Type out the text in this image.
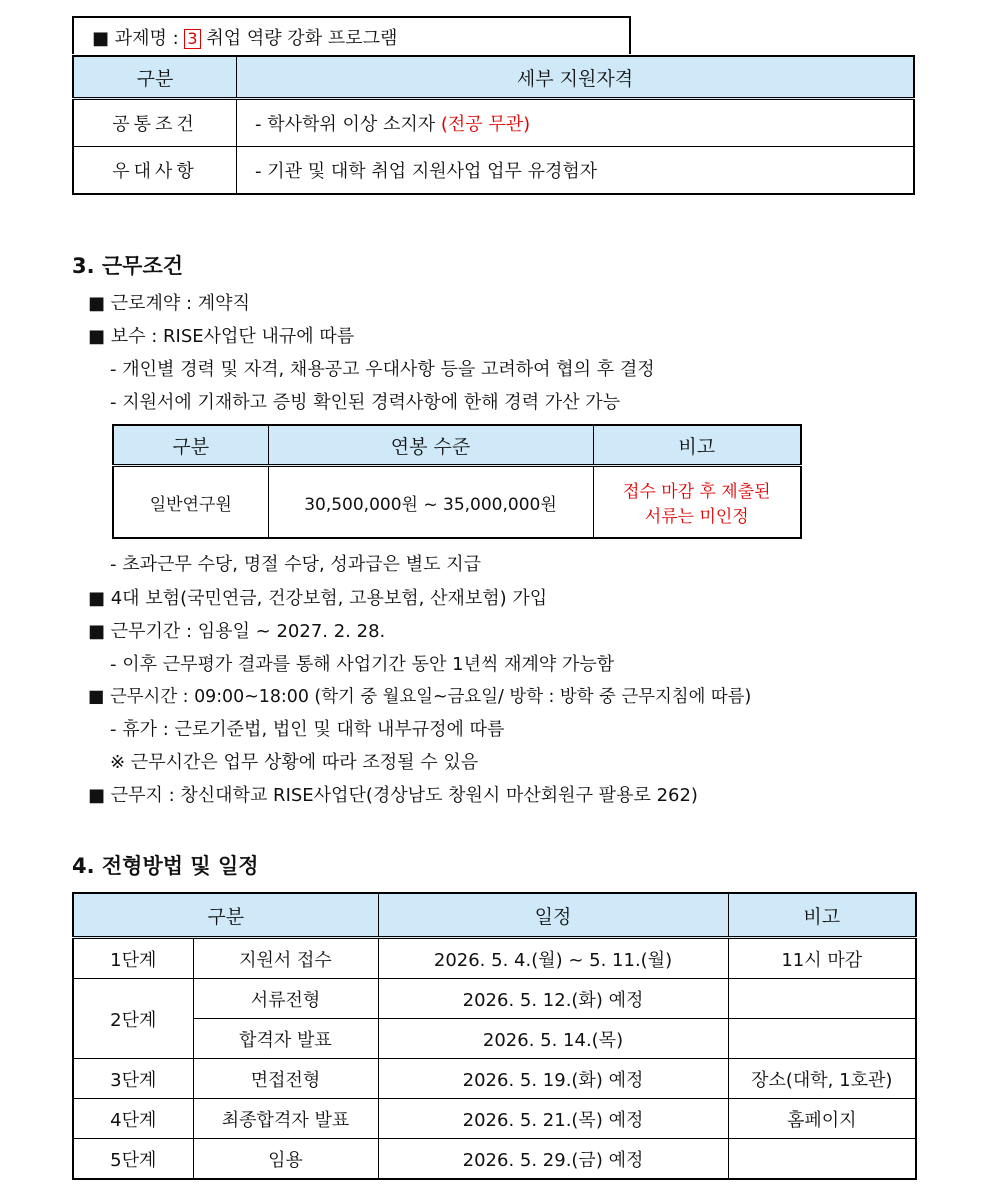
■ 과제명 : 3 취업 역량 강화 프로그램
구분	세부 지원자격
공통조건	- 학사학위 이상 소지자 (전공 무관)
우대사항	- 기관 및 대학 취업 지원사업 업무 유경험자
3. 근무조건
■ 근로계약 : 계약직
■ 보수 : RISE사업단 내규에 따름
- 개인별 경력 및 자격, 채용공고 우대사항 등을 고려하여 협의 후 결정
- 지원서에 기재하고 증빙 확인된 경력사항에 한해 경력 가산 가능
구분	연봉 수준	비고
일반연구원	30,500,000원 ~ 35,000,000원	접수 마감 후 제출된
서류는 미인정
- 초과근무 수당, 명절 수당, 성과급은 별도 지급
■ 4대 보험(국민연금, 건강보험, 고용보험, 산재보험) 가입
■ 근무기간 : 임용일 ~ 2027. 2. 28.
- 이후 근무평가 결과를 통해 사업기간 동안 1년씩 재계약 가능함
■ 근무시간 : 09:00~18:00 (학기 중 월요일~금요일/ 방학 : 방학 중 근무지침에 따름)
- 휴가 : 근로기준법, 법인 및 대학 내부규정에 따름
※ 근무시간은 업무 상황에 따라 조정될 수 있음
■ 근무지 : 창신대학교 RISE사업단(경상남도 창원시 마산회원구 팔용로 262)
4. 전형방법 및 일정
구분		일정	비고
1단계	지원서 접수	2026. 5. 4.(월) ~ 5. 11.(월)	11시 마감
2단계	서류전형	2026. 5. 12.(화) 예정	
	합격자 발표	2026. 5. 14.(목)	
3단계	면접전형	2026. 5. 19.(화) 예정	장소(대학, 1호관)
4단계	최종합격자 발표	2026. 5. 21.(목) 예정	홈페이지
5단계	임용	2026. 5. 29.(금) 예정	
